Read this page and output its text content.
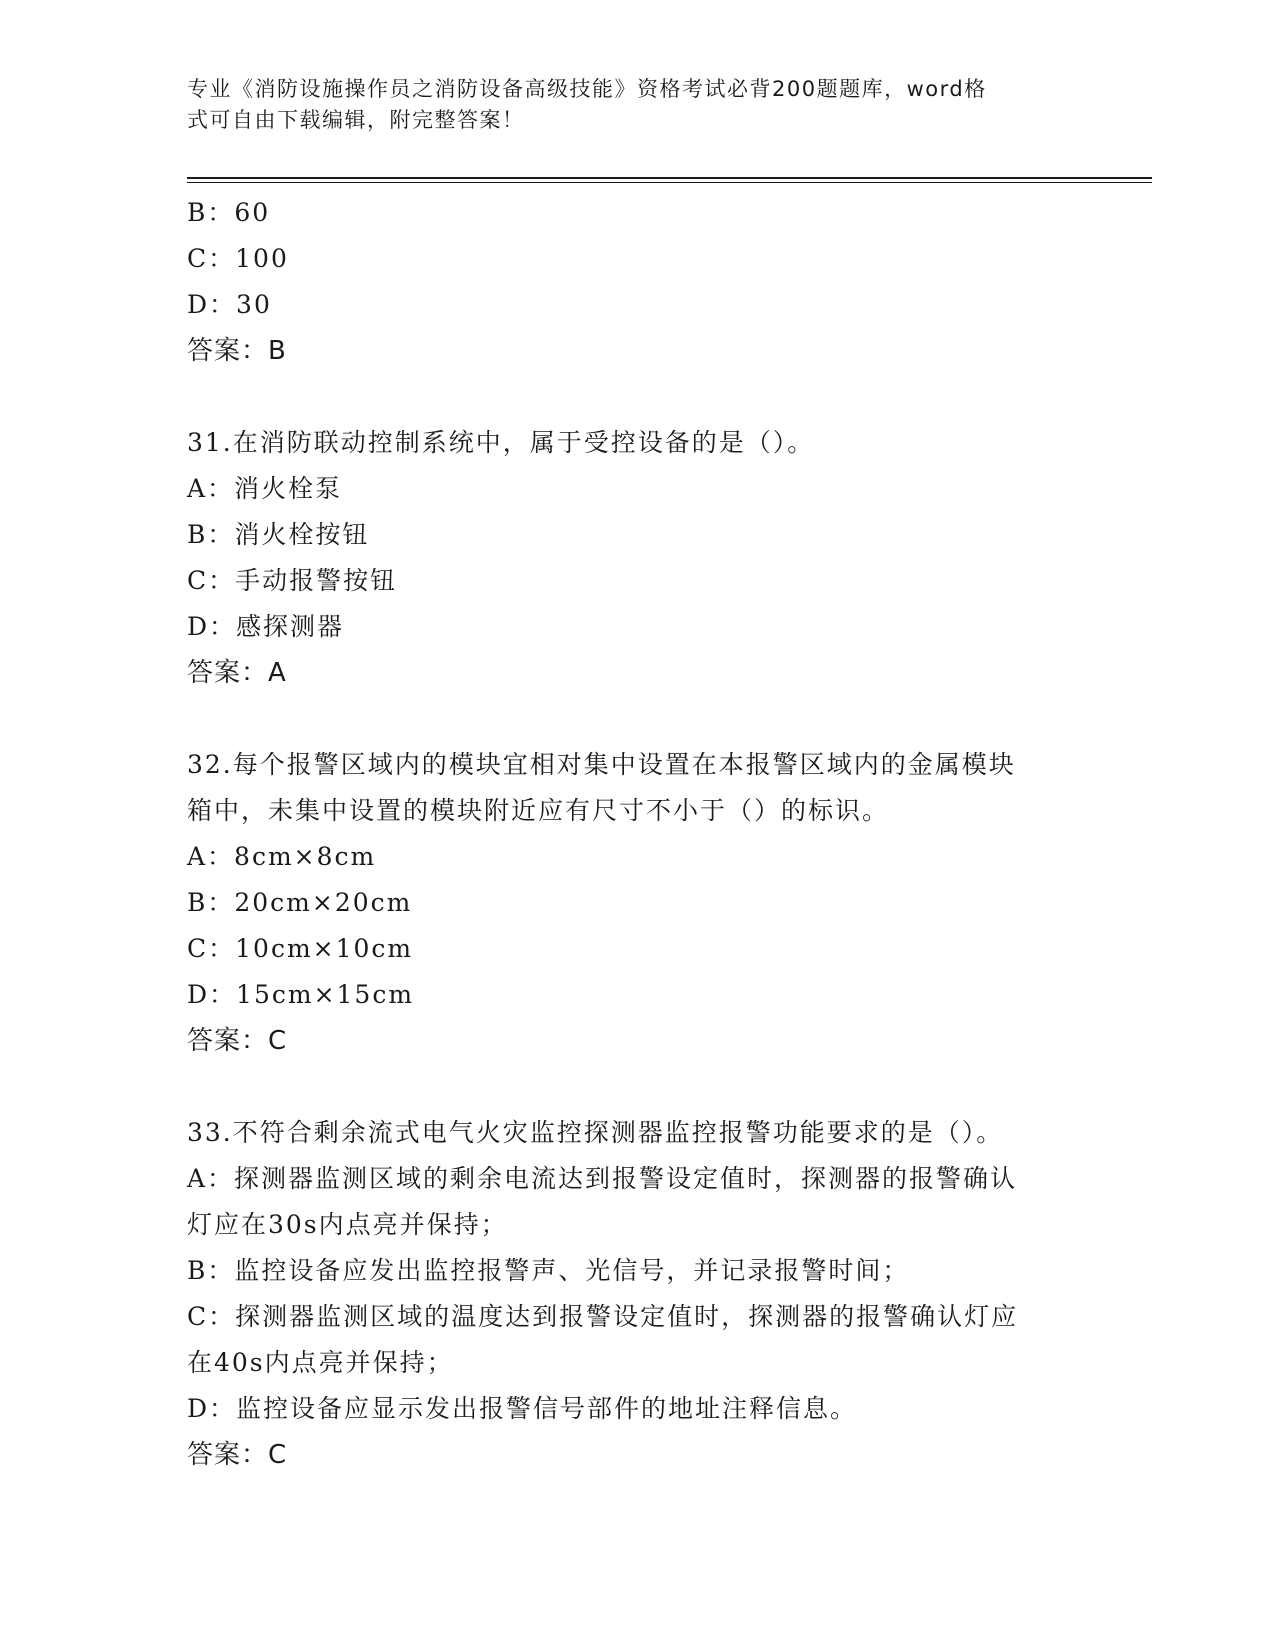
专业《消防设施操作员之消防设备高级技能》资格考试必背200题题库，word格
式可自由下载编辑，附完整答案！
B：60
C：100
D：30
答案：B
31.在消防联动控制系统中，属于受控设备的是（）。
A：消火栓泵
B：消火栓按钮
C：手动报警按钮
D：感探测器
答案：A
32.每个报警区域内的模块宜相对集中设置在本报警区域内的金属模块
箱中，未集中设置的模块附近应有尺寸不小于（）的标识。
A：8cm×8cm
B：20cm×20cm
C：10cm×10cm
D：15cm×15cm
答案：C
33.不符合剩余流式电气火灾监控探测器监控报警功能要求的是（）。
A：探测器监测区域的剩余电流达到报警设定值时，探测器的报警确认
灯应在30s内点亮并保持；
B：监控设备应发出监控报警声、光信号，并记录报警时间；
C：探测器监测区域的温度达到报警设定值时，探测器的报警确认灯应
在40s内点亮并保持；
D：监控设备应显示发出报警信号部件的地址注释信息。
答案：C
